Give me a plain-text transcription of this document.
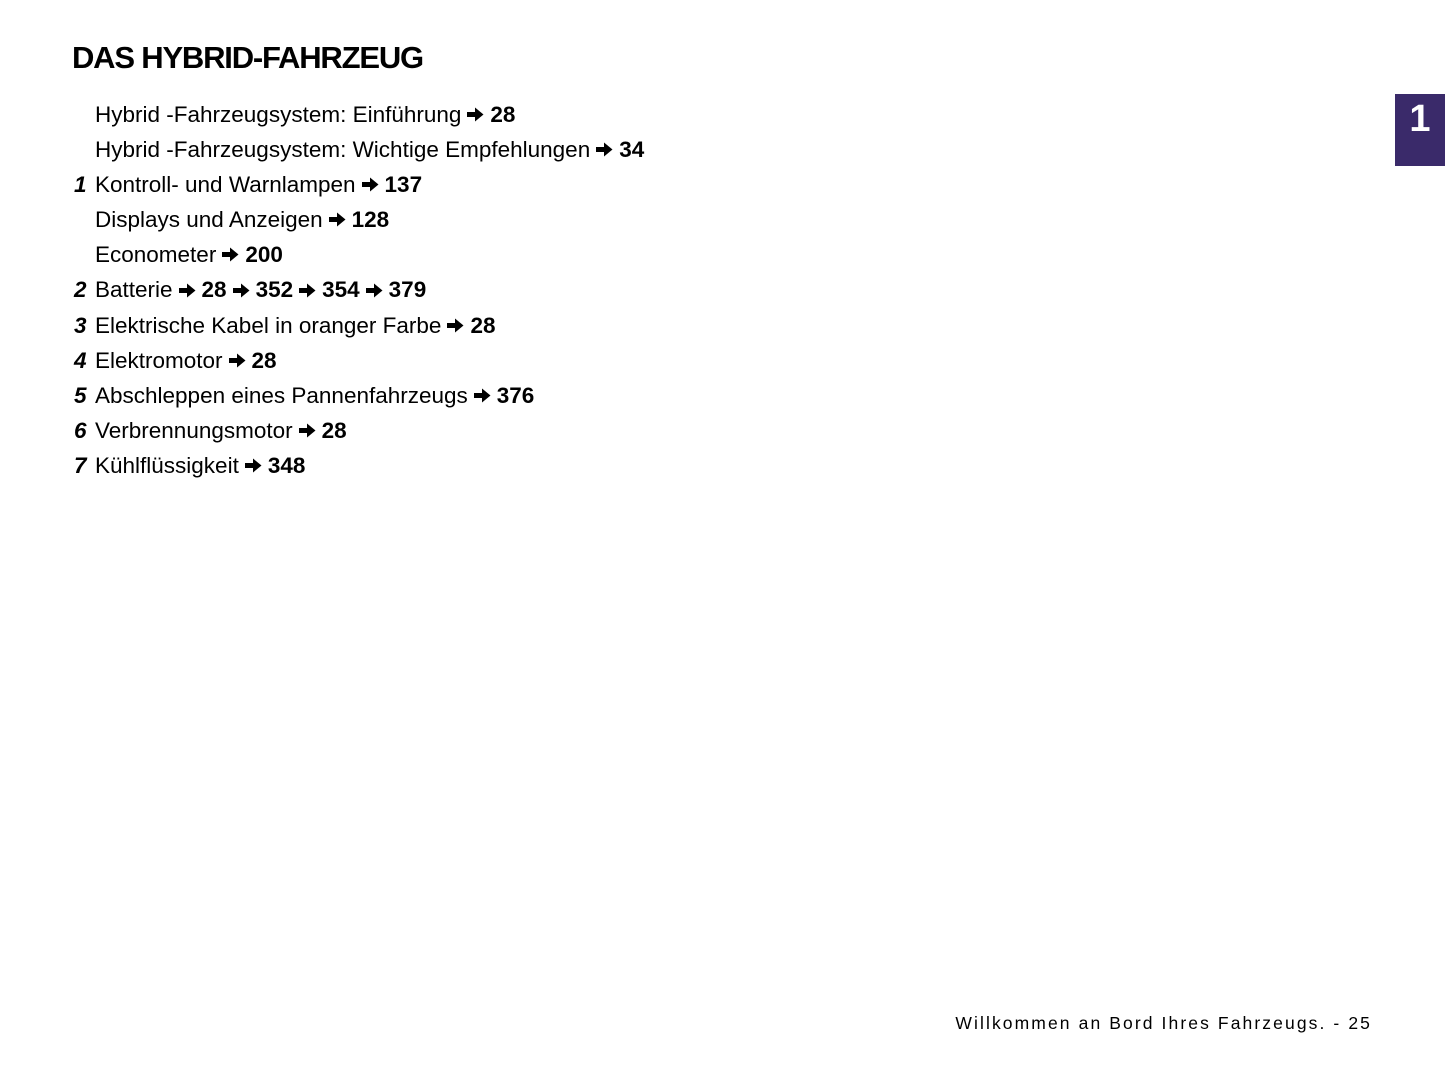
DAS HYBRID-FAHRZEUG
Hybrid -Fahrzeugsystem: Einführung 28
Hybrid -Fahrzeugsystem: Wichtige Empfehlungen 34
1 Kontroll- und Warnlampen 137
Displays und Anzeigen 128
Econometer 200
2 Batterie 28 352 354 379
3 Elektrische Kabel in oranger Farbe 28
4 Elektromotor 28
5 Abschleppen eines Pannenfahrzeugs 376
6 Verbrennungsmotor 28
7 Kühlflüssigkeit 348
1
Willkommen an Bord Ihres Fahrzeugs. - 25
